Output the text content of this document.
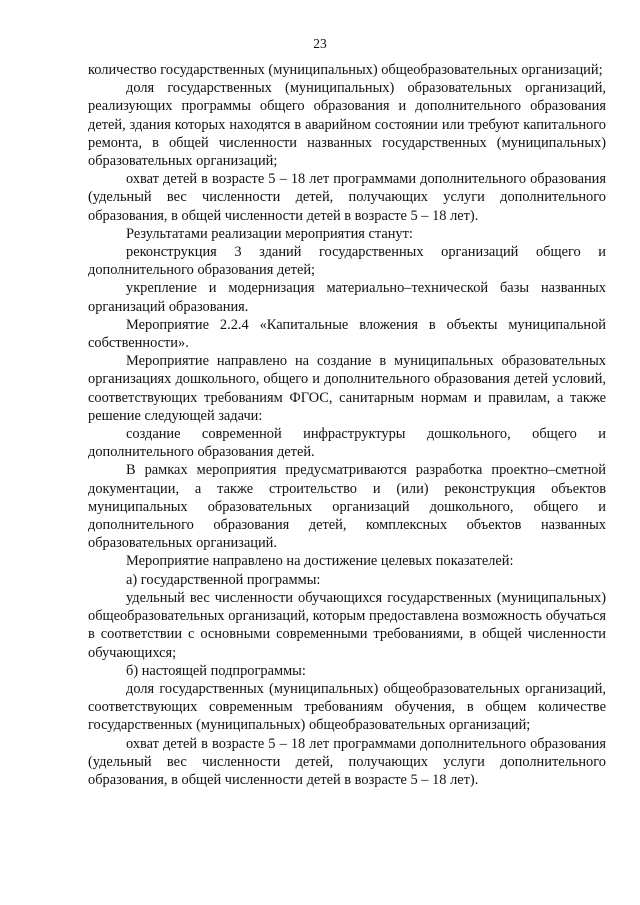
23

количество государственных (муниципальных) общеобразовательных организаций;

доля государственных (муниципальных) образовательных организаций, реализующих программы общего образования и дополнительного образования детей, здания которых находятся в аварийном состоянии или требуют капитального ремонта, в общей численности названных государственных (муниципальных) образовательных организаций;

охват детей в возрасте 5 – 18 лет программами дополнительного образования (удельный вес численности детей, получающих услуги дополнительного образования, в общей численности детей в возрасте 5 – 18 лет).

Результатами реализации мероприятия станут:

реконструкция 3 зданий государственных организаций общего и дополнительного образования детей;

укрепление и модернизация материально–технической базы названных организаций образования.

Мероприятие 2.2.4 «Капитальные вложения в объекты муниципальной собственности».

Мероприятие направлено на создание в муниципальных образовательных организациях дошкольного, общего и дополнительного образования детей условий, соответствующих требованиям ФГОС, санитарным нормам и правилам, а также решение следующей задачи:

создание современной инфраструктуры дошкольного, общего и дополнительного образования детей.

В рамках мероприятия предусматриваются разработка проектно–сметной документации, а также строительство и (или) реконструкция объектов муниципальных образовательных организаций дошкольного, общего и дополнительного образования детей, комплексных объектов названных образовательных организаций.

Мероприятие направлено на достижение целевых показателей:

а) государственной программы:

удельный вес численности обучающихся государственных (муниципальных) общеобразовательных организаций, которым предоставлена возможность обучаться в соответствии с основными современными требованиями, в общей численности обучающихся;

б) настоящей подпрограммы:

доля государственных (муниципальных) общеобразовательных организаций, соответствующих современным требованиям обучения, в общем количестве государственных (муниципальных) общеобразовательных организаций;

охват детей в возрасте 5 – 18 лет программами дополнительного образования (удельный вес численности детей, получающих услуги дополнительного образования, в общей численности детей в возрасте 5 – 18 лет).
